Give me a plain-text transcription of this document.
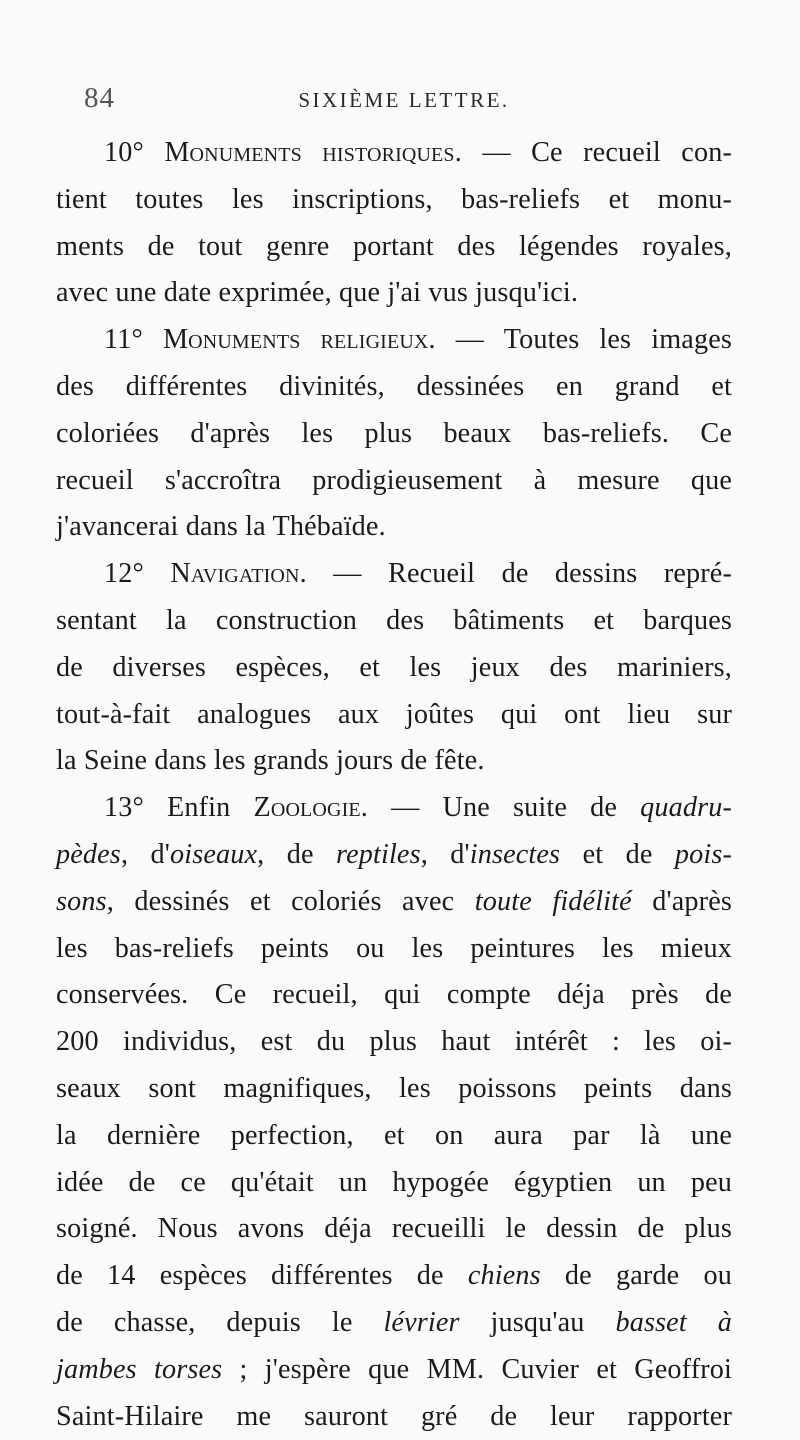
84	SIXIÈME LETTRE.
10° Monuments historiques. — Ce recueil con-
tient toutes les inscriptions, bas-reliefs et monu-
ments de tout genre portant des légendes royales,
avec une date exprimée, que j'ai vus jusqu'ici.
11° Monuments religieux. — Toutes les images
des différentes divinités, dessinées en grand et
coloriées d'après les plus beaux bas-reliefs. Ce
recueil s'accroîtra prodigieusement à mesure que
j'avancerai dans la Thébaïde.
12° Navigation. — Recueil de dessins repré-
sentant la construction des bâtiments et barques
de diverses espèces, et les jeux des mariniers,
tout-à-fait analogues aux joûtes qui ont lieu sur
la Seine dans les grands jours de fête.
13° Enfin Zoologie. — Une suite de quadru-
pèdes, d'oiseaux, de reptiles, d'insectes et de pois-
sons, dessinés et coloriés avec toute fidélité d'après
les bas-reliefs peints ou les peintures les mieux
conservées. Ce recueil, qui compte déja près de
200 individus, est du plus haut intérêt : les oi-
seaux sont magnifiques, les poissons peints dans
la dernière perfection, et on aura par là une
idée de ce qu'était un hypogée égyptien un peu
soigné. Nous avons déja recueilli le dessin de plus
de 14 espèces différentes de chiens de garde ou
de chasse, depuis le lévrier jusqu'au basset à
jambes torses ; j'espère que MM. Cuvier et Geoffroi
Saint-Hilaire me sauront gré de leur rapporter
